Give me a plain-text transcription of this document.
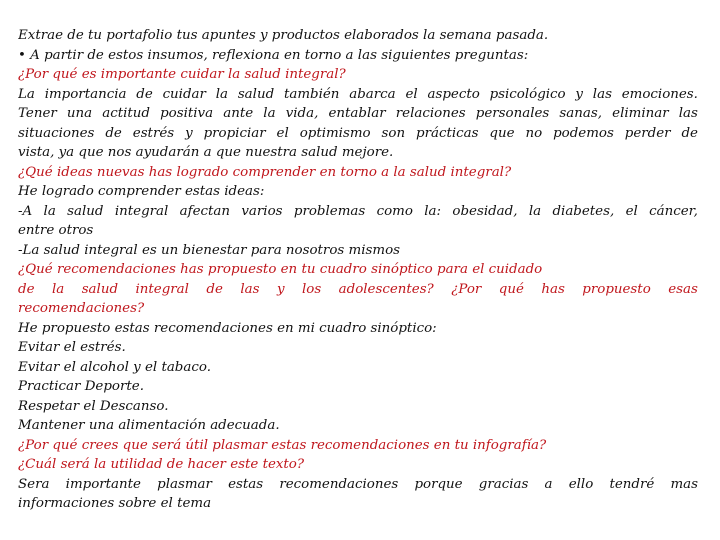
Extrae de tu portafolio tus apuntes y productos elaborados la semana pasada.
• A partir de estos insumos, reflexiona en torno a las siguientes preguntas:
¿Por qué es importante cuidar la salud integral?
La importancia de cuidar la salud también abarca el aspecto psicológico y las emociones.
Tener una actitud positiva ante la vida, entablar relaciones personales sanas, eliminar las
situaciones de estrés y propiciar el optimismo son prácticas que no podemos perder de
vista, ya que nos ayudarán a que nuestra salud mejore.
¿Qué ideas nuevas has logrado comprender en torno a la salud integral?
He logrado comprender estas ideas:
-A la salud integral afectan varios problemas como la: obesidad, la diabetes, el cáncer,
entre otros
-La salud integral es un bienestar para nosotros mismos
¿Qué recomendaciones has propuesto en tu cuadro sinóptico para el cuidado
de la salud integral de las y los adolescentes? ¿Por qué has propuesto esas
recomendaciones?
He propuesto estas recomendaciones en mi cuadro sinóptico:
Evitar el estrés.
Evitar el alcohol y el tabaco.
Practicar Deporte.
Respetar el Descanso.
Mantener una alimentación adecuada.
¿Por qué crees que será útil plasmar estas recomendaciones en tu infografía?
¿Cuál será la utilidad de hacer este texto?
Sera importante plasmar estas recomendaciones porque gracias a ello tendré mas
informaciones sobre el tema
